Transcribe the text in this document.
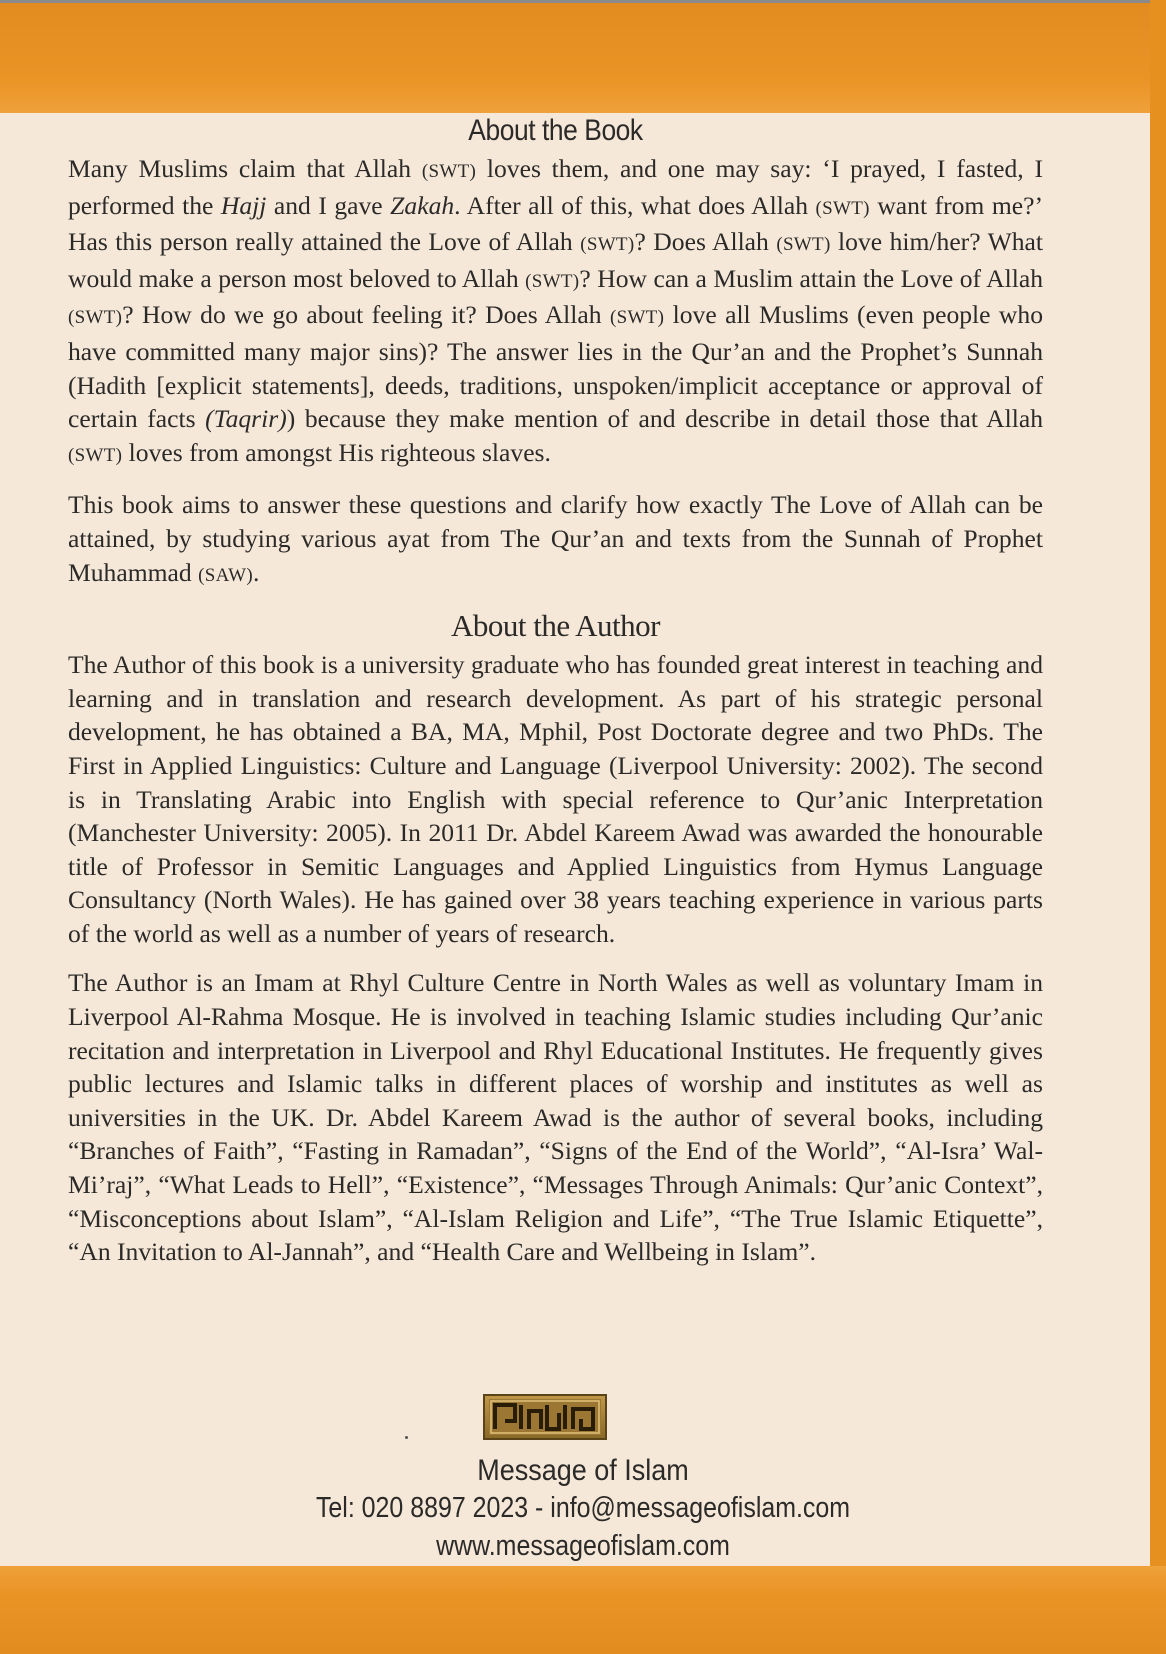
About the Book

Many Muslims claim that Allah (SWT) loves them, and one may say: ‘I prayed, I fasted, I performed the Hajj and I gave Zakah. After all of this, what does Allah (SWT) want from me?’ Has this person really attained the Love of Allah (SWT)? Does Allah (SWT) love him/her? What would make a person most beloved to Allah (SWT)? How can a Muslim attain the Love of Allah (SWT)? How do we go about feeling it? Does Allah (SWT) love all Muslims (even people who have committed many major sins)? The answer lies in the Qur’an and the Prophet’s Sunnah (Hadith [explicit statements], deeds, traditions, unspoken/implicit acceptance or approval of certain facts (Taqrir)) because they make mention of and describe in detail those that Allah (SWT) loves from amongst His righteous slaves.

This book aims to answer these questions and clarify how exactly The Love of Allah can be attained, by studying various ayat from The Qur’an and texts from the Sunnah of Prophet Muhammad (SAW).

About the Author

The Author of this book is a university graduate who has founded great interest in teaching and learning and in translation and research development. As part of his strategic personal development, he has obtained a BA, MA, Mphil, Post Doctorate degree and two PhDs. The First in Applied Linguistics: Culture and Language (Liverpool University: 2002). The second is in Translating Arabic into English with special reference to Qur’anic Interpretation (Manchester University: 2005). In 2011 Dr. Abdel Kareem Awad was awarded the honourable title of Professor in Semitic Languages and Applied Linguistics from Hymus Language Consultancy (North Wales). He has gained over 38 years teaching experience in various parts of the world as well as a number of years of research.

The Author is an Imam at Rhyl Culture Centre in North Wales as well as voluntary Imam in Liverpool Al-Rahma Mosque. He is involved in teaching Islamic studies including Qur’anic recitation and interpretation in Liverpool and Rhyl Educational Institutes. He frequently gives public lectures and Islamic talks in different places of worship and institutes as well as universities in the UK. Dr. Abdel Kareem Awad is the author of several books, including “Branches of Faith”, “Fasting in Ramadan”, “Signs of the End of the World”, “Al-Isra’ Wal-Mi’raj”, “What Leads to Hell”, “Existence”, “Messages Through Animals: Qur’anic Context”, “Misconceptions about Islam”, “Al-Islam Religion and Life”, “The True Islamic Etiquette”, “An Invitation to Al-Jannah”, and “Health Care and Wellbeing in Islam”.

Message of Islam
Tel: 020 8897 2023 - info@messageofislam.com
www.messageofislam.com
